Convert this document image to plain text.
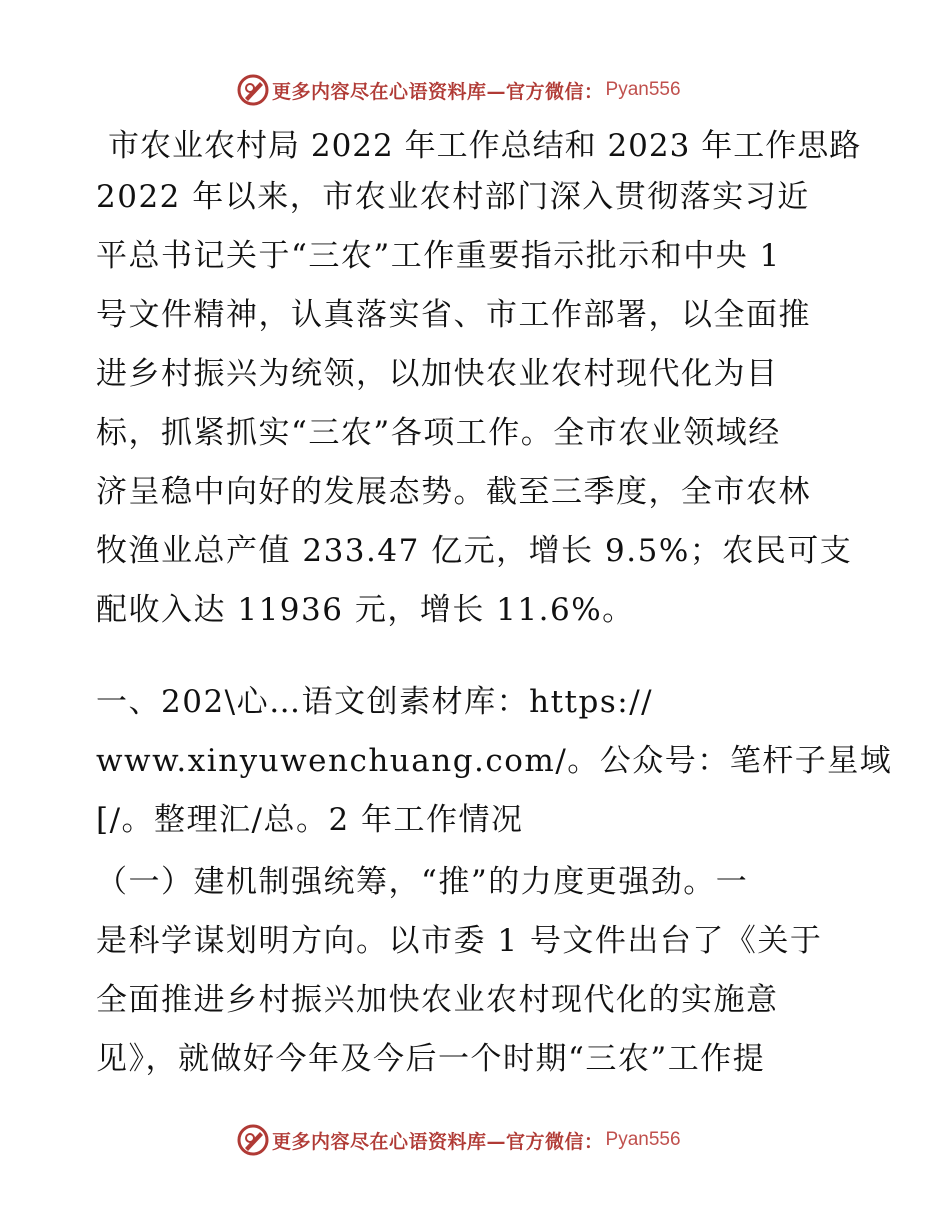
更多内容尽在心语资料库 —官方微信： Pyan556
市农业农村局 2022 年工作总结和 2023 年工作思路
2022 年以来，市农业农村部门深入贯彻落实习近
平总书记关于“三农”工作重要指示批示和中央 1
号文件精神，认真落实省、市工作部署，以全面推
进乡村振兴为统领，以加快农业农村现代化为目
标，抓紧抓实“三农”各项工作。全市农业领域经
济呈稳中向好的发展态势。截至三季度，全市农林
牧渔业总产值 233.47 亿元，增长 9.5%；农民可支
配收入达 11936 元，增长 11.6%。
一、202\心…语文创素材库：https://
www.xinyuwenchuang.com/。公众号：笔杆子星域
[/。整理汇/总。2 年工作情况
（一）建机制强统筹，“推”的力度更强劲。一
是科学谋划明方向。以市委 1 号文件出台了《关于
全面推进乡村振兴加快农业农村现代化的实施意
见》，就做好今年及今后一个时期“三农”工作提
更多内容尽在心语资料库 —官方微信： Pyan556
